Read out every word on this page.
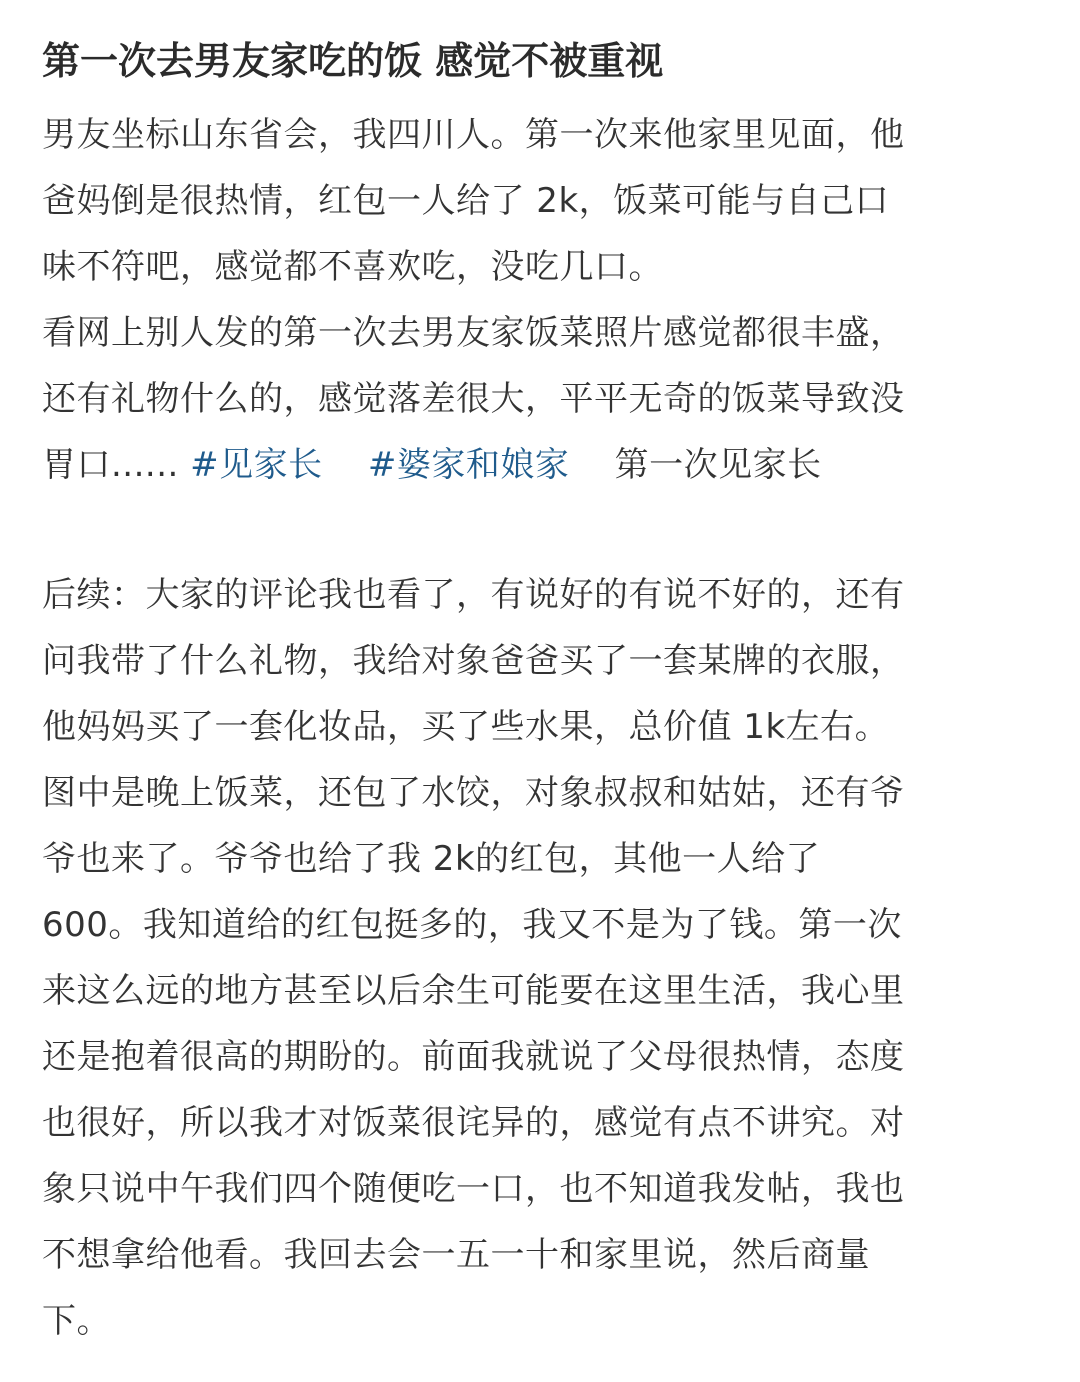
第一次去男友家吃的饭 感觉不被重视
男友坐标山东省会，我四川人。第一次来他家里见面，他
爸妈倒是很热情，红包一人给了 2k，饭菜可能与自己口
味不符吧，感觉都不喜欢吃，没吃几口。
看网上别人发的第一次去男友家饭菜照片感觉都很丰盛，
还有礼物什么的，感觉落差很大，平平无奇的饭菜导致没
胃口...... #见家长 #婆家和娘家 第一次见家长
后续：大家的评论我也看了，有说好的有说不好的，还有
问我带了什么礼物，我给对象爸爸买了一套某牌的衣服，
他妈妈买了一套化妆品，买了些水果，总价值 1k左右。
图中是晚上饭菜，还包了水饺，对象叔叔和姑姑，还有爷
爷也来了。爷爷也给了我 2k的红包，其他一人给了
600。我知道给的红包挺多的，我又不是为了钱。第一次
来这么远的地方甚至以后余生可能要在这里生活，我心里
还是抱着很高的期盼的。前面我就说了父母很热情，态度
也很好，所以我才对饭菜很诧异的，感觉有点不讲究。对
象只说中午我们四个随便吃一口，也不知道我发帖，我也
不想拿给他看。我回去会一五一十和家里说，然后商量
下。
